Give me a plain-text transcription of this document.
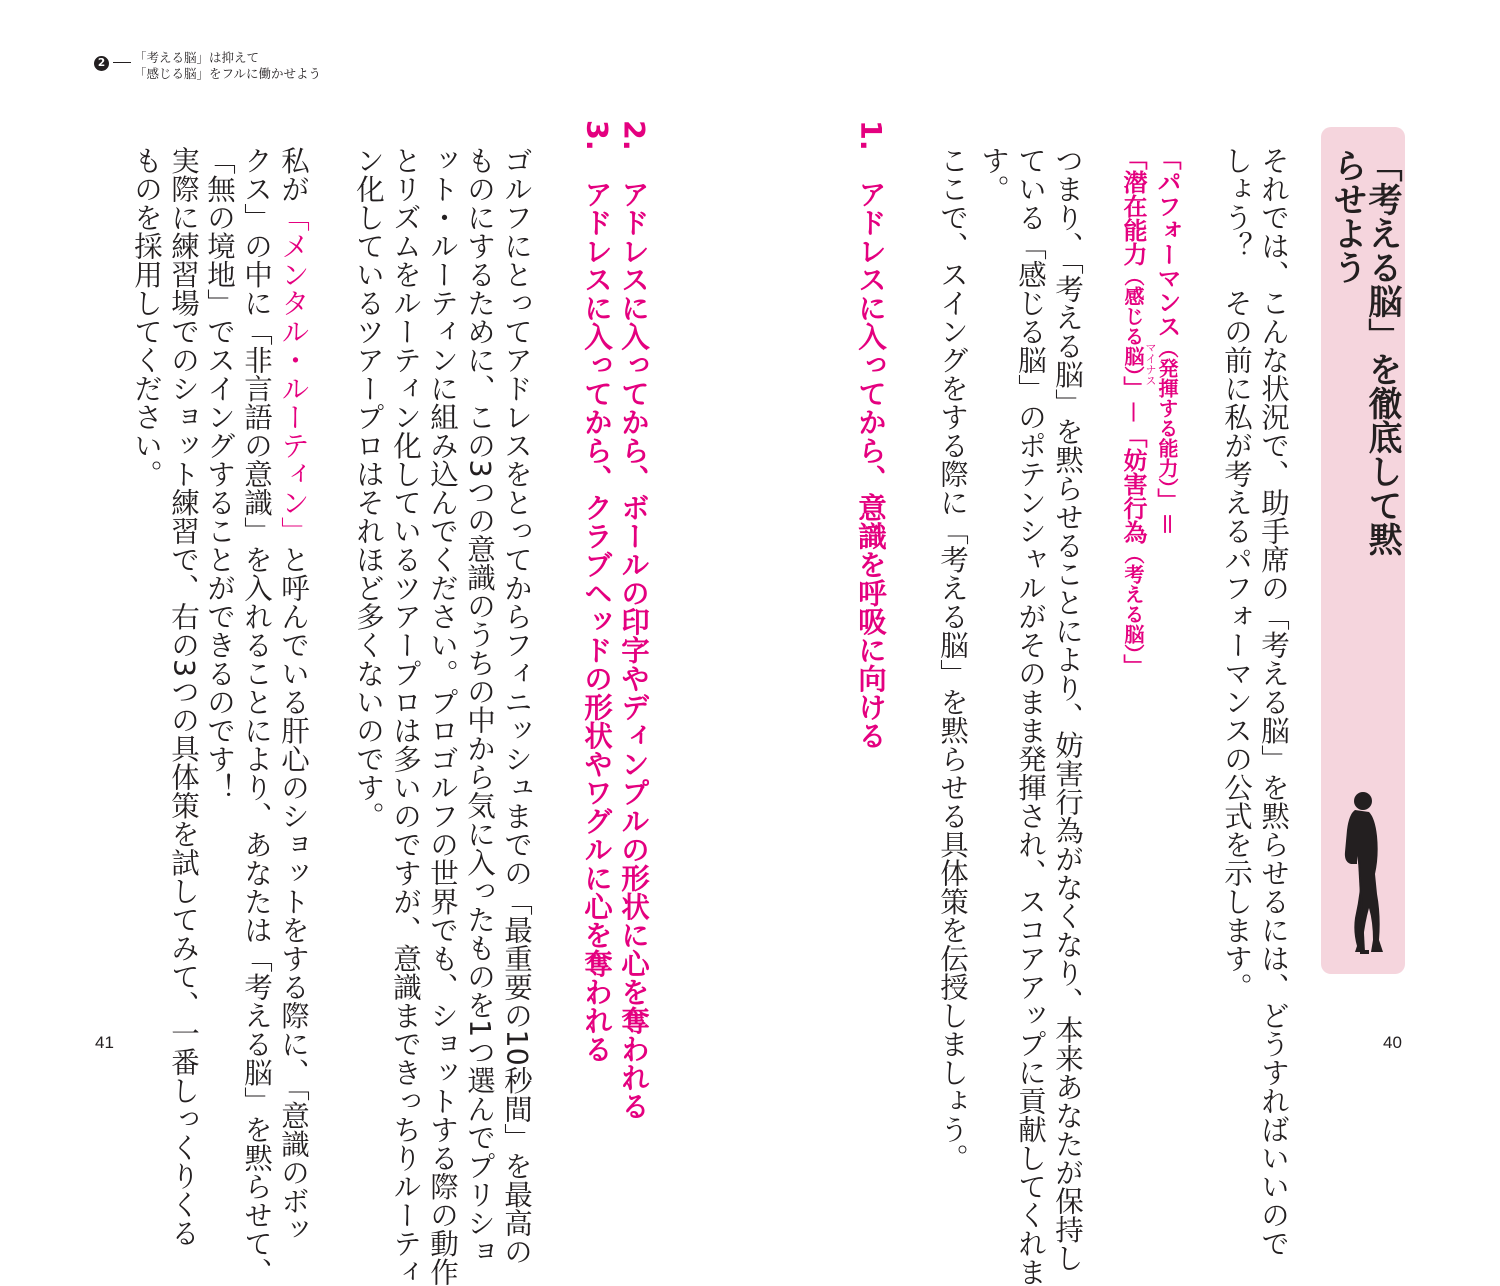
2	「考える脳」は抑えて
「感じる脳」をフルに働かせよう
「考える脳」を徹底して黙らせよう
それでは、こんな状況で、助手席の「考える脳」を黙らせるには、どうすればいいので
しょう？　その前に私が考えるパフォーマンスの公式を示します。
「パフォーマンス（発揮する能力）」＝
「潜在能力（感じる脳）」－「妨害行為（考える脳）」
マイナス
つまり、「考える脳」を黙らせることにより、妨害行為がなくなり、本来あなたが保持し
ている「感じる脳」のポテンシャルがそのまま発揮され、スコアアップに貢献してくれま
す。
ここで、スイングをする際に「考える脳」を黙らせる具体策を伝授しましょう。
1.　アドレスに入ってから、意識を呼吸に向ける
40
2.　アドレスに入ってから、ボールの印字やディンプルの形状に心を奪われる
3.　アドレスに入ってから、クラブヘッドの形状やワグルに心を奪われる
ゴルフにとってアドレスをとってからフィニッシュまでの「最重要の10秒間」を最高の
ものにするために、この3つの意識のうちの中から気に入ったものを1つ選んでプリショ
ット・ルーティンに組み込んでください。プロゴルフの世界でも、ショットする際の動作
とリズムをルーティン化しているツアープロは多いのですが、意識まできっちりルーティ
ン化しているツアープロはそれほど多くないのです。
私が「メンタル・ルーティン」と呼んでいる肝心のショットをする際に、「意識のボッ
クス」の中に「非言語の意識」を入れることにより、あなたは「考える脳」を黙らせて、
「無の境地」でスイングすることができるのです！
実際に練習場でのショット練習で、右の3つの具体策を試してみて、一番しっくりくる
ものを採用してください。
41
